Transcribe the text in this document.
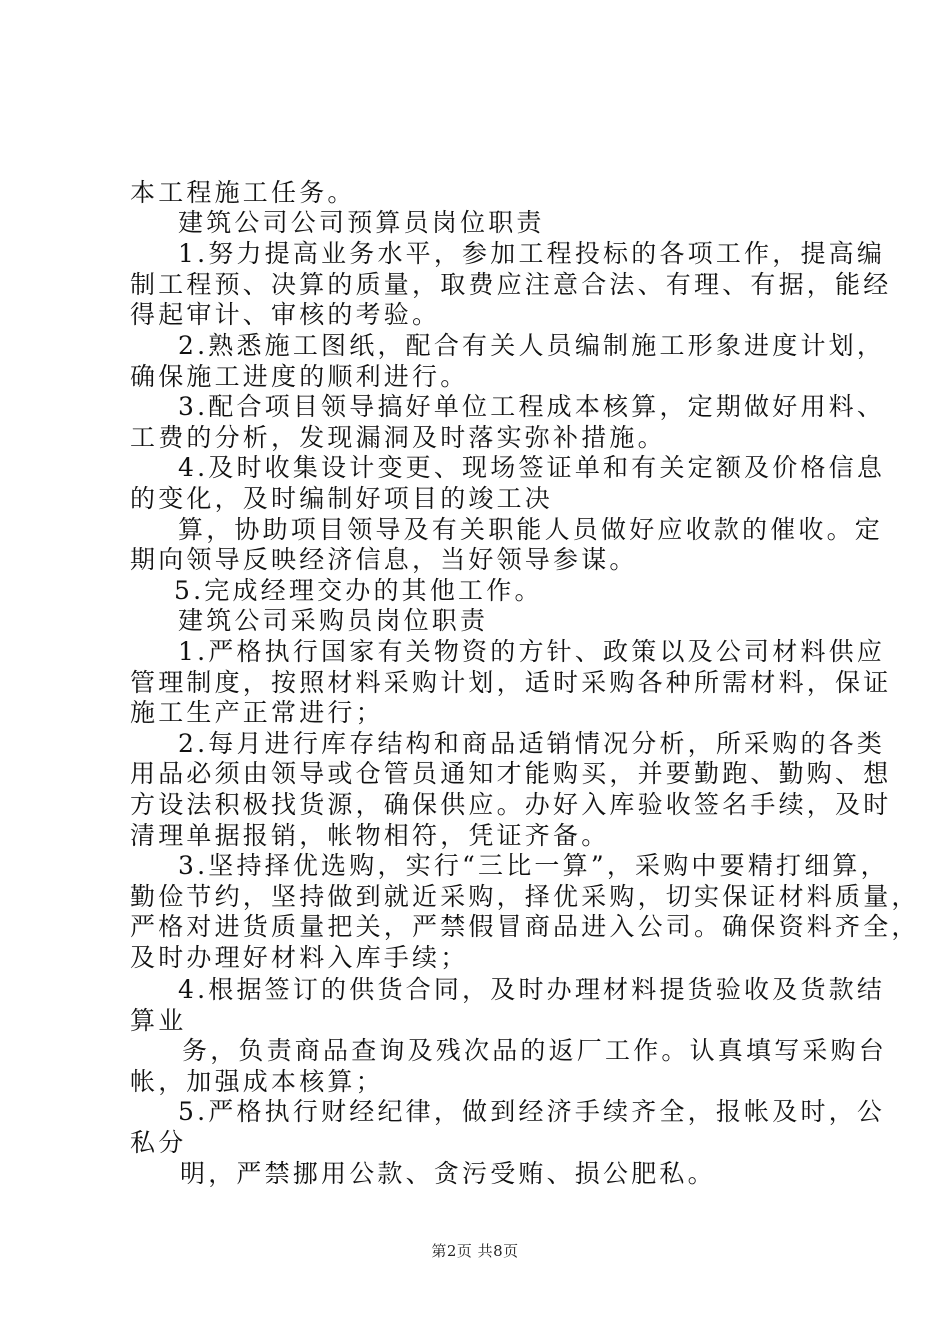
本工程施工任务。
建筑公司公司预算员岗位职责
1.努力提高业务水平，参加工程投标的各项工作，提高编
制工程预、决算的质量，取费应注意合法、有理、有据，能经
得起审计、审核的考验。
2.熟悉施工图纸，配合有关人员编制施工形象进度计划，
确保施工进度的顺利进行。
3.配合项目领导搞好单位工程成本核算，定期做好用料、
工费的分析，发现漏洞及时落实弥补措施。
4.及时收集设计变更、现场签证单和有关定额及价格信息
的变化，及时编制好项目的竣工决
算，协助项目领导及有关职能人员做好应收款的催收。定
期向领导反映经济信息，当好领导参谋。
5.完成经理交办的其他工作。
建筑公司采购员岗位职责
1.严格执行国家有关物资的方针、政策以及公司材料供应
管理制度，按照材料采购计划，适时采购各种所需材料，保证
施工生产正常进行；
2.每月进行库存结构和商品适销情况分析，所采购的各类
用品必须由领导或仓管员通知才能购买，并要勤跑、勤购、想
方设法积极找货源，确保供应。办好入库验收签名手续，及时
清理单据报销，帐物相符，凭证齐备。
3.坚持择优选购，实行“三比一算”，采购中要精打细算，
勤俭节约，坚持做到就近采购，择优采购，切实保证材料质量，
严格对进货质量把关，严禁假冒商品进入公司。确保资料齐全，
及时办理好材料入库手续；
4.根据签订的供货合同，及时办理材料提货验收及货款结
算业
务，负责商品查询及残次品的返厂工作。认真填写采购台
帐，加强成本核算；
5.严格执行财经纪律，做到经济手续齐全，报帐及时，公
私分
明，严禁挪用公款、贪污受贿、损公肥私。
第2页 共8页
